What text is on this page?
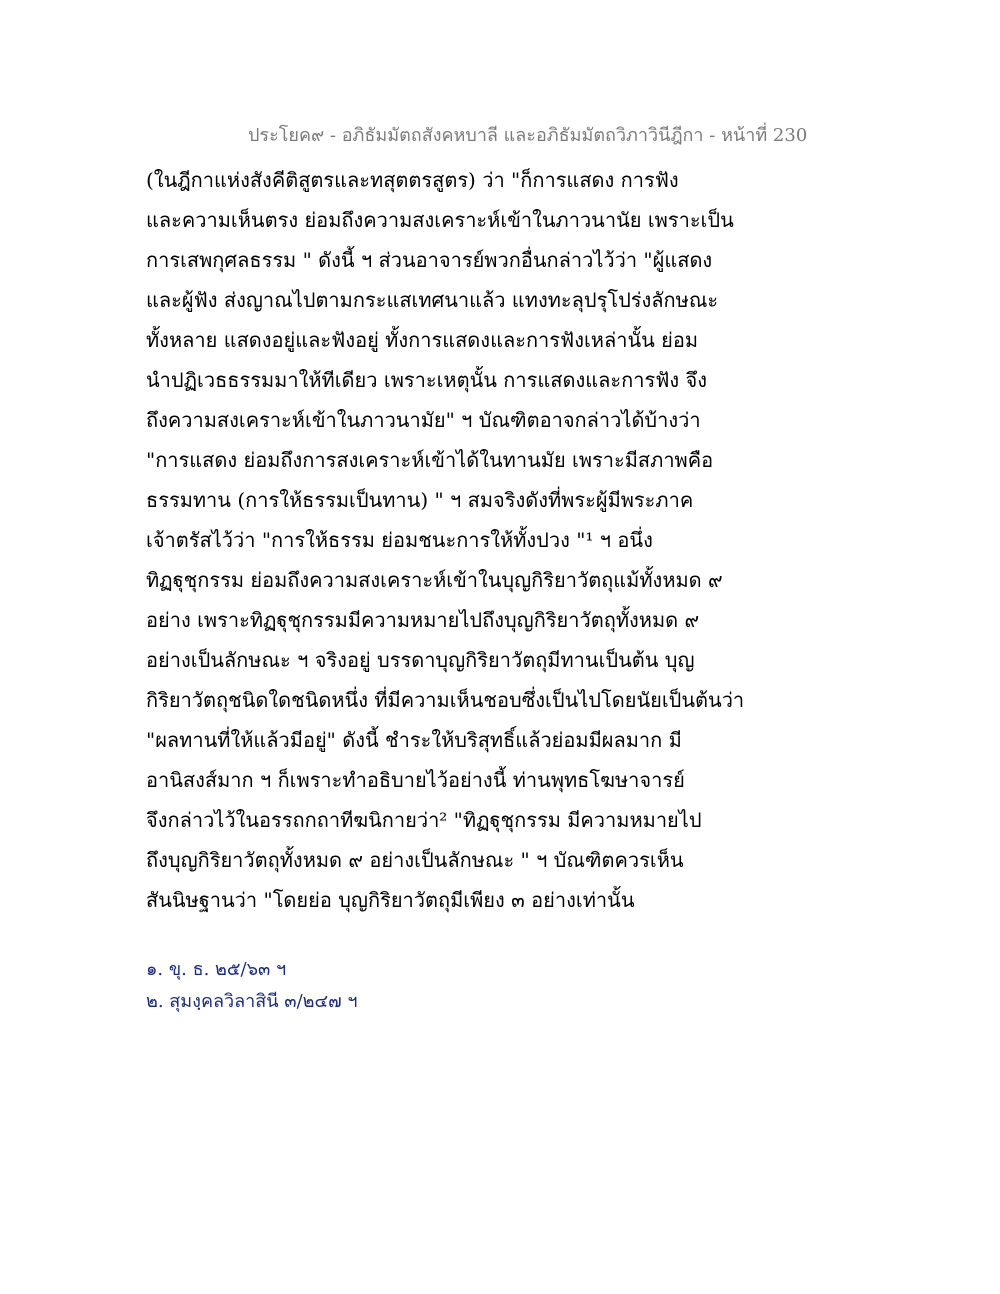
ประโยค๙ - อภิธัมมัตถสังคหบาลี และอภิธัมมัตถวิภาวินีฎีกา - หน้าที่ 230
(ในฎีกาแห่งสังคีติสูตรและทสุตตรสูตร) ว่า "ก็การแสดง การฟัง
และความเห็นตรง ย่อมถึงความสงเคราะห์เข้าในภาวนานัย เพราะเป็น
การเสพกุศลธรรม " ดังนี้ ฯ ส่วนอาจารย์พวกอื่นกล่าวไว้ว่า "ผู้แสดง
และผู้ฟัง ส่งญาณไปตามกระแสเทศนาแล้ว แทงทะลุปรุโปร่งลักษณะ
ทั้งหลาย แสดงอยู่และฟังอยู่ ทั้งการแสดงและการฟังเหล่านั้น ย่อม
นำปฏิเวธธรรมมาให้ทีเดียว เพราะเหตุนั้น การแสดงและการฟัง จึง
ถึงความสงเคราะห์เข้าในภาวนามัย" ฯ บัณฑิตอาจกล่าวได้บ้างว่า
"การแสดง ย่อมถึงการสงเคราะห์เข้าได้ในทานมัย เพราะมีสภาพคือ
ธรรมทาน (การให้ธรรมเป็นทาน) " ฯ สมจริงดังที่พระผู้มีพระภาค
เจ้าตรัสไว้ว่า "การให้ธรรม ย่อมชนะการให้ทั้งปวง "¹ ฯ อนึ่ง
ทิฏฐุชุกรรม ย่อมถึงความสงเคราะห์เข้าในบุญกิริยาวัตถุแม้ทั้งหมด ๙
อย่าง เพราะทิฏฐุชุกรรมมีความหมายไปถึงบุญกิริยาวัตถุทั้งหมด ๙
อย่างเป็นลักษณะ ฯ จริงอยู่ บรรดาบุญกิริยาวัตถุมีทานเป็นต้น บุญ
กิริยาวัตถุชนิดใดชนิดหนึ่ง ที่มีความเห็นชอบซึ่งเป็นไปโดยนัยเป็นต้นว่า
"ผลทานที่ให้แล้วมีอยู่" ดังนี้ ชำระให้บริสุทธิ์แล้วย่อมมีผลมาก มี
อานิสงส์มาก ฯ ก็เพราะทำอธิบายไว้อย่างนี้ ท่านพุทธโฆษาจารย์
จึงกล่าวไว้ในอรรถกถาทีฆนิกายว่า² "ทิฏฐุชุกรรม มีความหมายไป
ถึงบุญกิริยาวัตถุทั้งหมด ๙ อย่างเป็นลักษณะ " ฯ บัณฑิตควรเห็น
สันนิษฐานว่า "โดยย่อ บุญกิริยาวัตถุมีเพียง ๓ อย่างเท่านั้น
๑. ขุ. ธ. ๒๕/๖๓ ฯ
๒. สุมงฺคลวิลาสินี ๓/๒๔๗ ฯ
